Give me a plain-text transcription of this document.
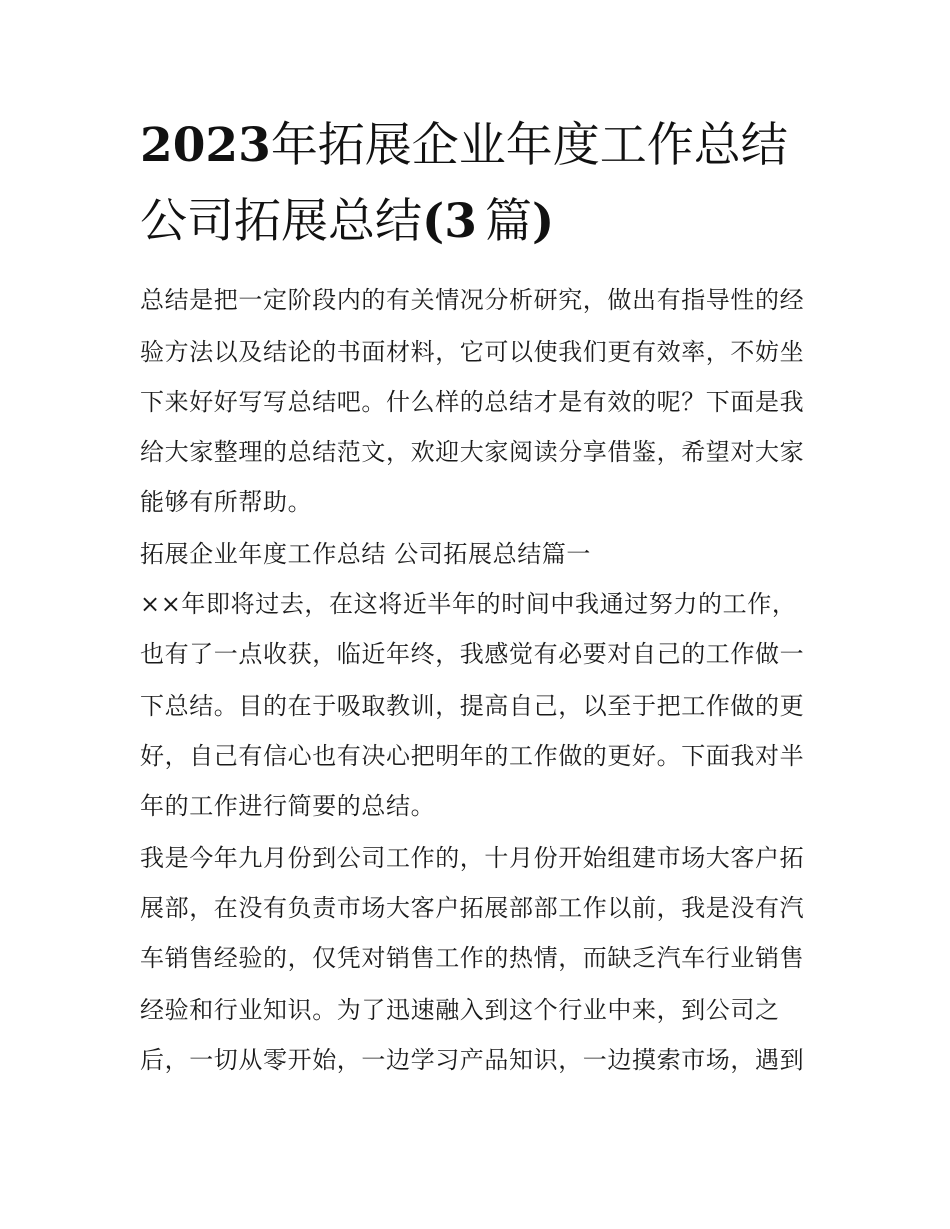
2023年拓展企业年度工作总结
公司拓展总结(3 篇)

总结是把一定阶段内的有关情况分析研究，做出有指导性的经

验方法以及结论的书面材料，它可以使我们更有效率，不妨坐

下来好好写写总结吧。什么样的总结才是有效的呢？下面是我

给大家整理的总结范文，欢迎大家阅读分享借鉴，希望对大家

能够有所帮助。

拓展企业年度工作总结 公司拓展总结篇一

××年即将过去，在这将近半年的时间中我通过努力的工作，

也有了一点收获，临近年终，我感觉有必要对自己的工作做一

下总结。目的在于吸取教训，提高自己，以至于把工作做的更

好，自己有信心也有决心把明年的工作做的更好。下面我对半

年的工作进行简要的总结。

我是今年九月份到公司工作的，十月份开始组建市场大客户拓

展部，在没有负责市场大客户拓展部部工作以前，我是没有汽

车销售经验的，仅凭对销售工作的热情，而缺乏汽车行业销售

经验和行业知识。为了迅速融入到这个行业中来，到公司之

后，一切从零开始，一边学习产品知识，一边摸索市场，遇到
